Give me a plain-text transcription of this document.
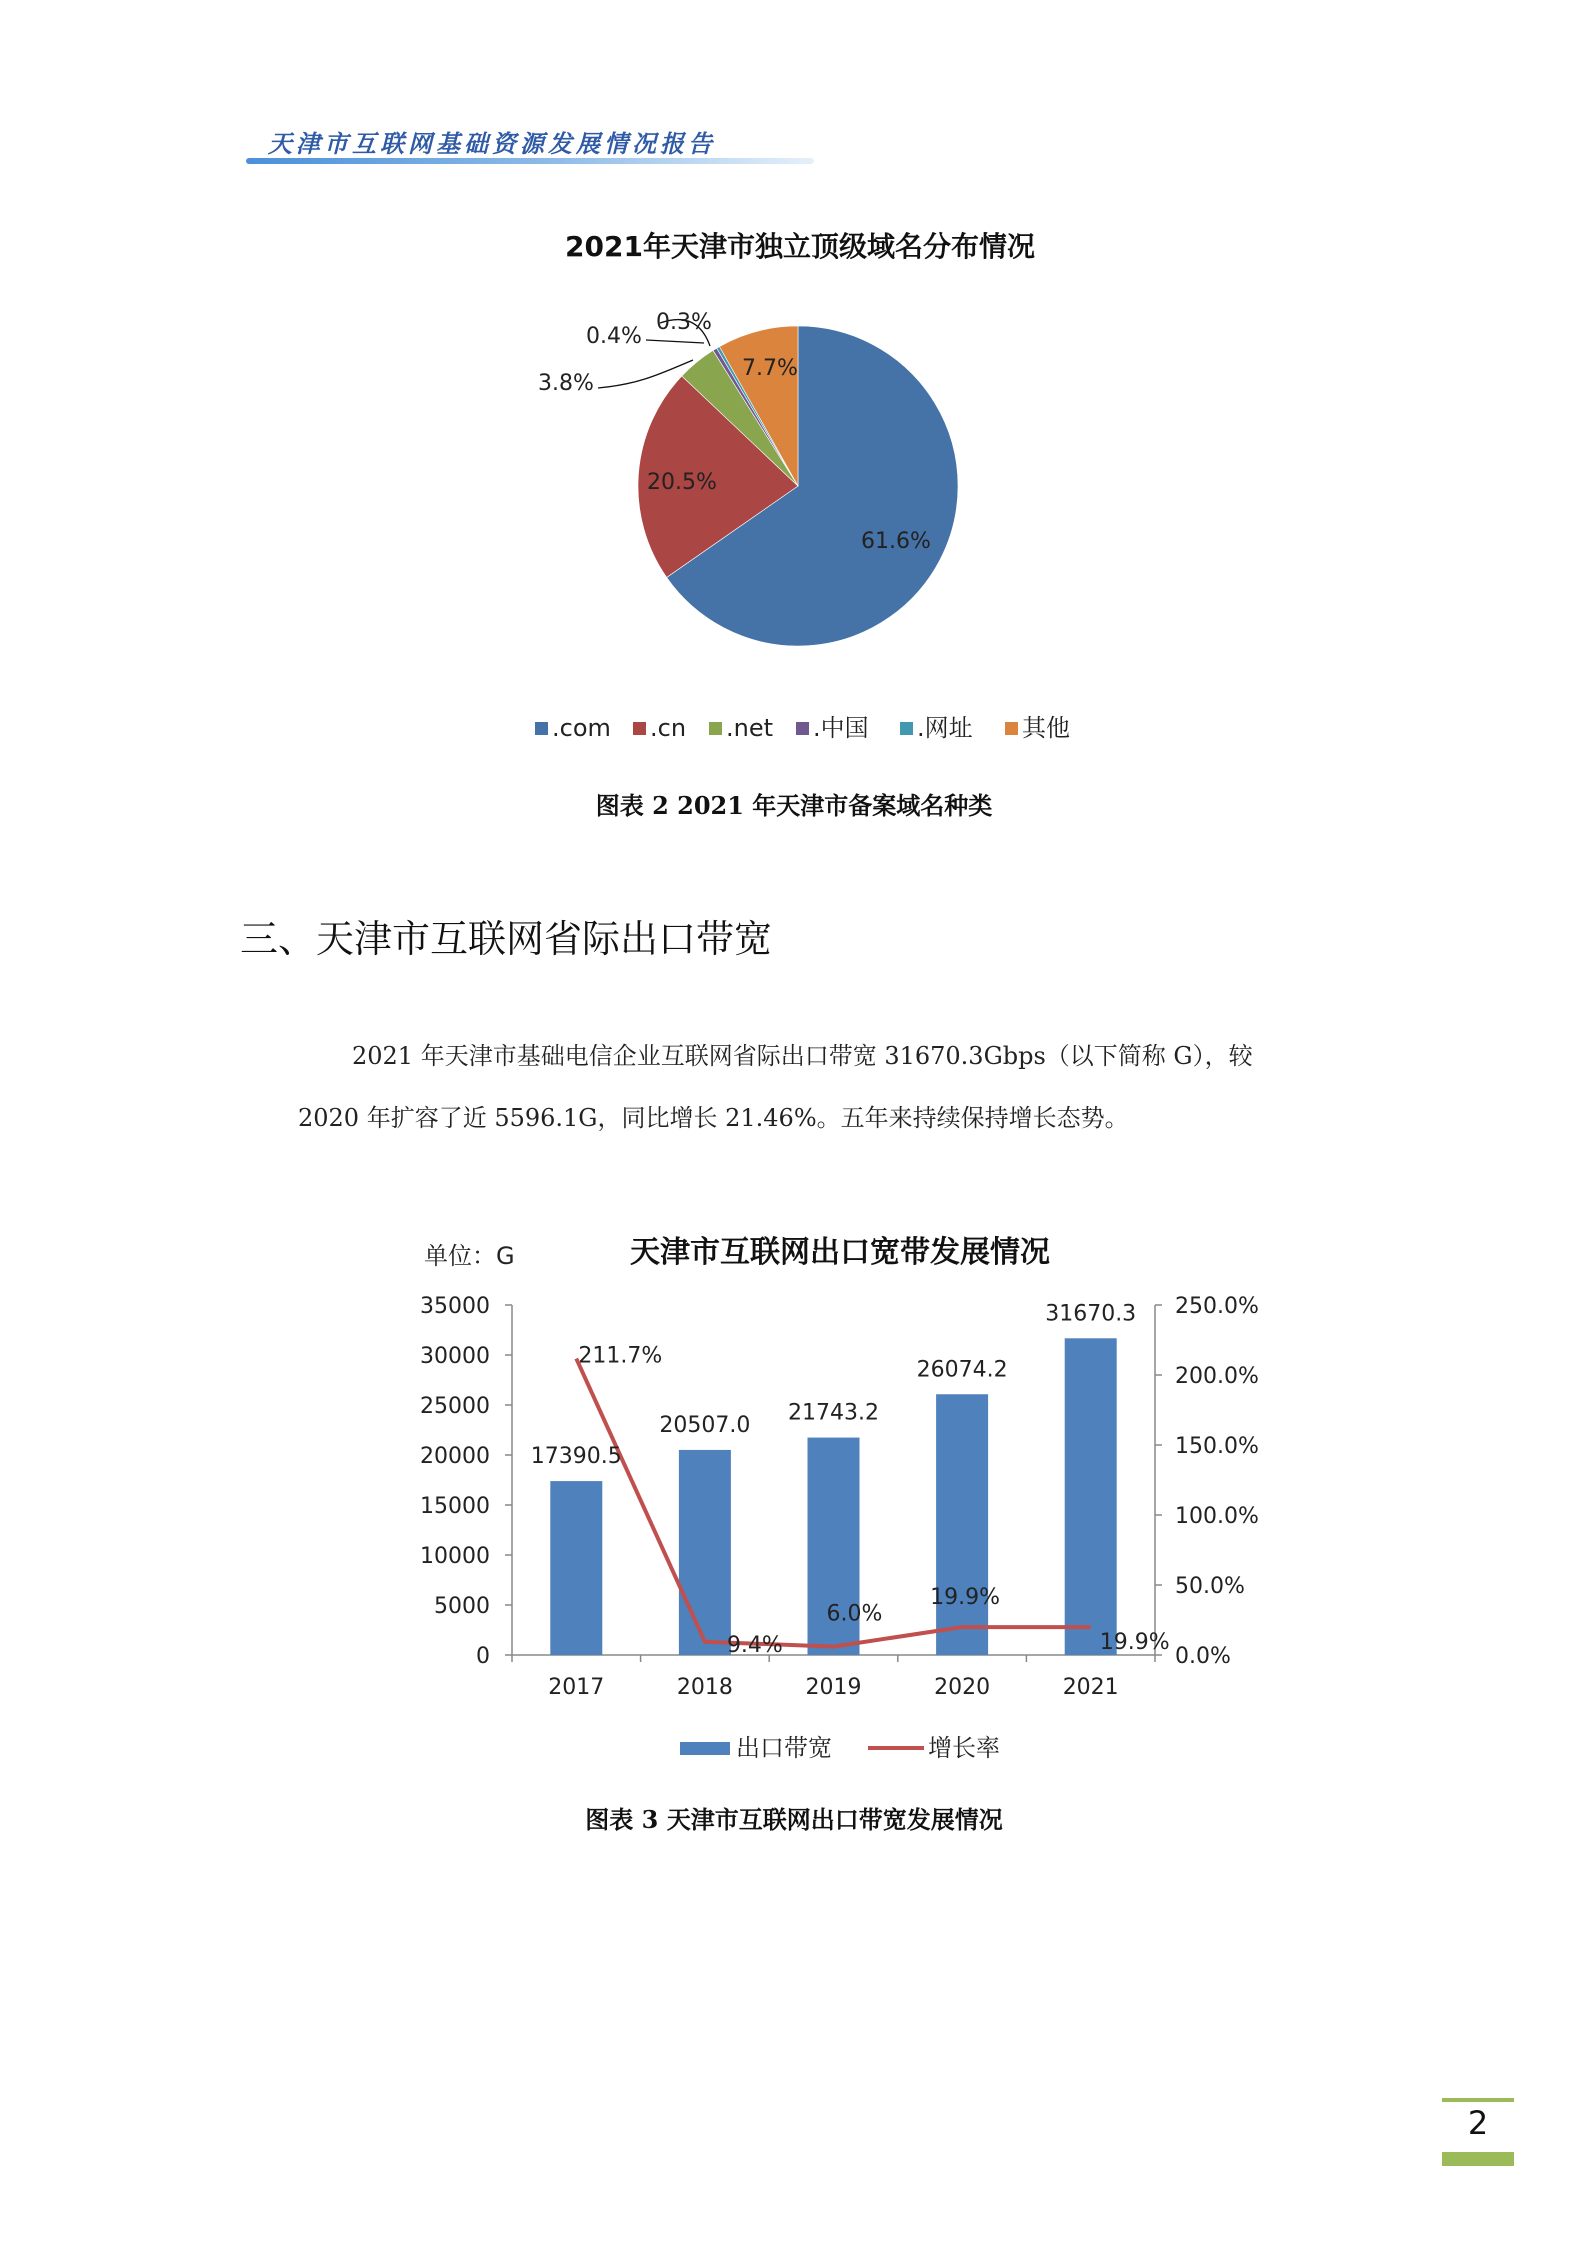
天津市互联网基础资源发展情况报告
2021年天津市独立顶级域名分布情况
61.6%
20.5%
3.8%
0.4%
0.3%
7.7%
.com .cn .net .中国 .网址 其他
图表 2 2021 年天津市备案域名种类
三、天津市互联网省际出口带宽
2021 年天津市基础电信企业互联网省际出口带宽 31670.3Gbps（以下简称 G），较
2020 年扩容了近 5596.1G，同比增长 21.46%。五年来持续保持增长态势。
单位：G	天津市互联网出口宽带发展情况
0
5000
10000
15000
20000
25000
30000
35000
0.0%
50.0%
100.0%
150.0%
200.0%
250.0%
17390.5
20507.0 21743.2
26074.2
31670.3
211.7%
9.4%
6.0%
19.9%
19.9%
2017	2018	2019	2020	2021
出口带宽	增长率
图表 3 天津市互联网出口带宽发展情况
2
